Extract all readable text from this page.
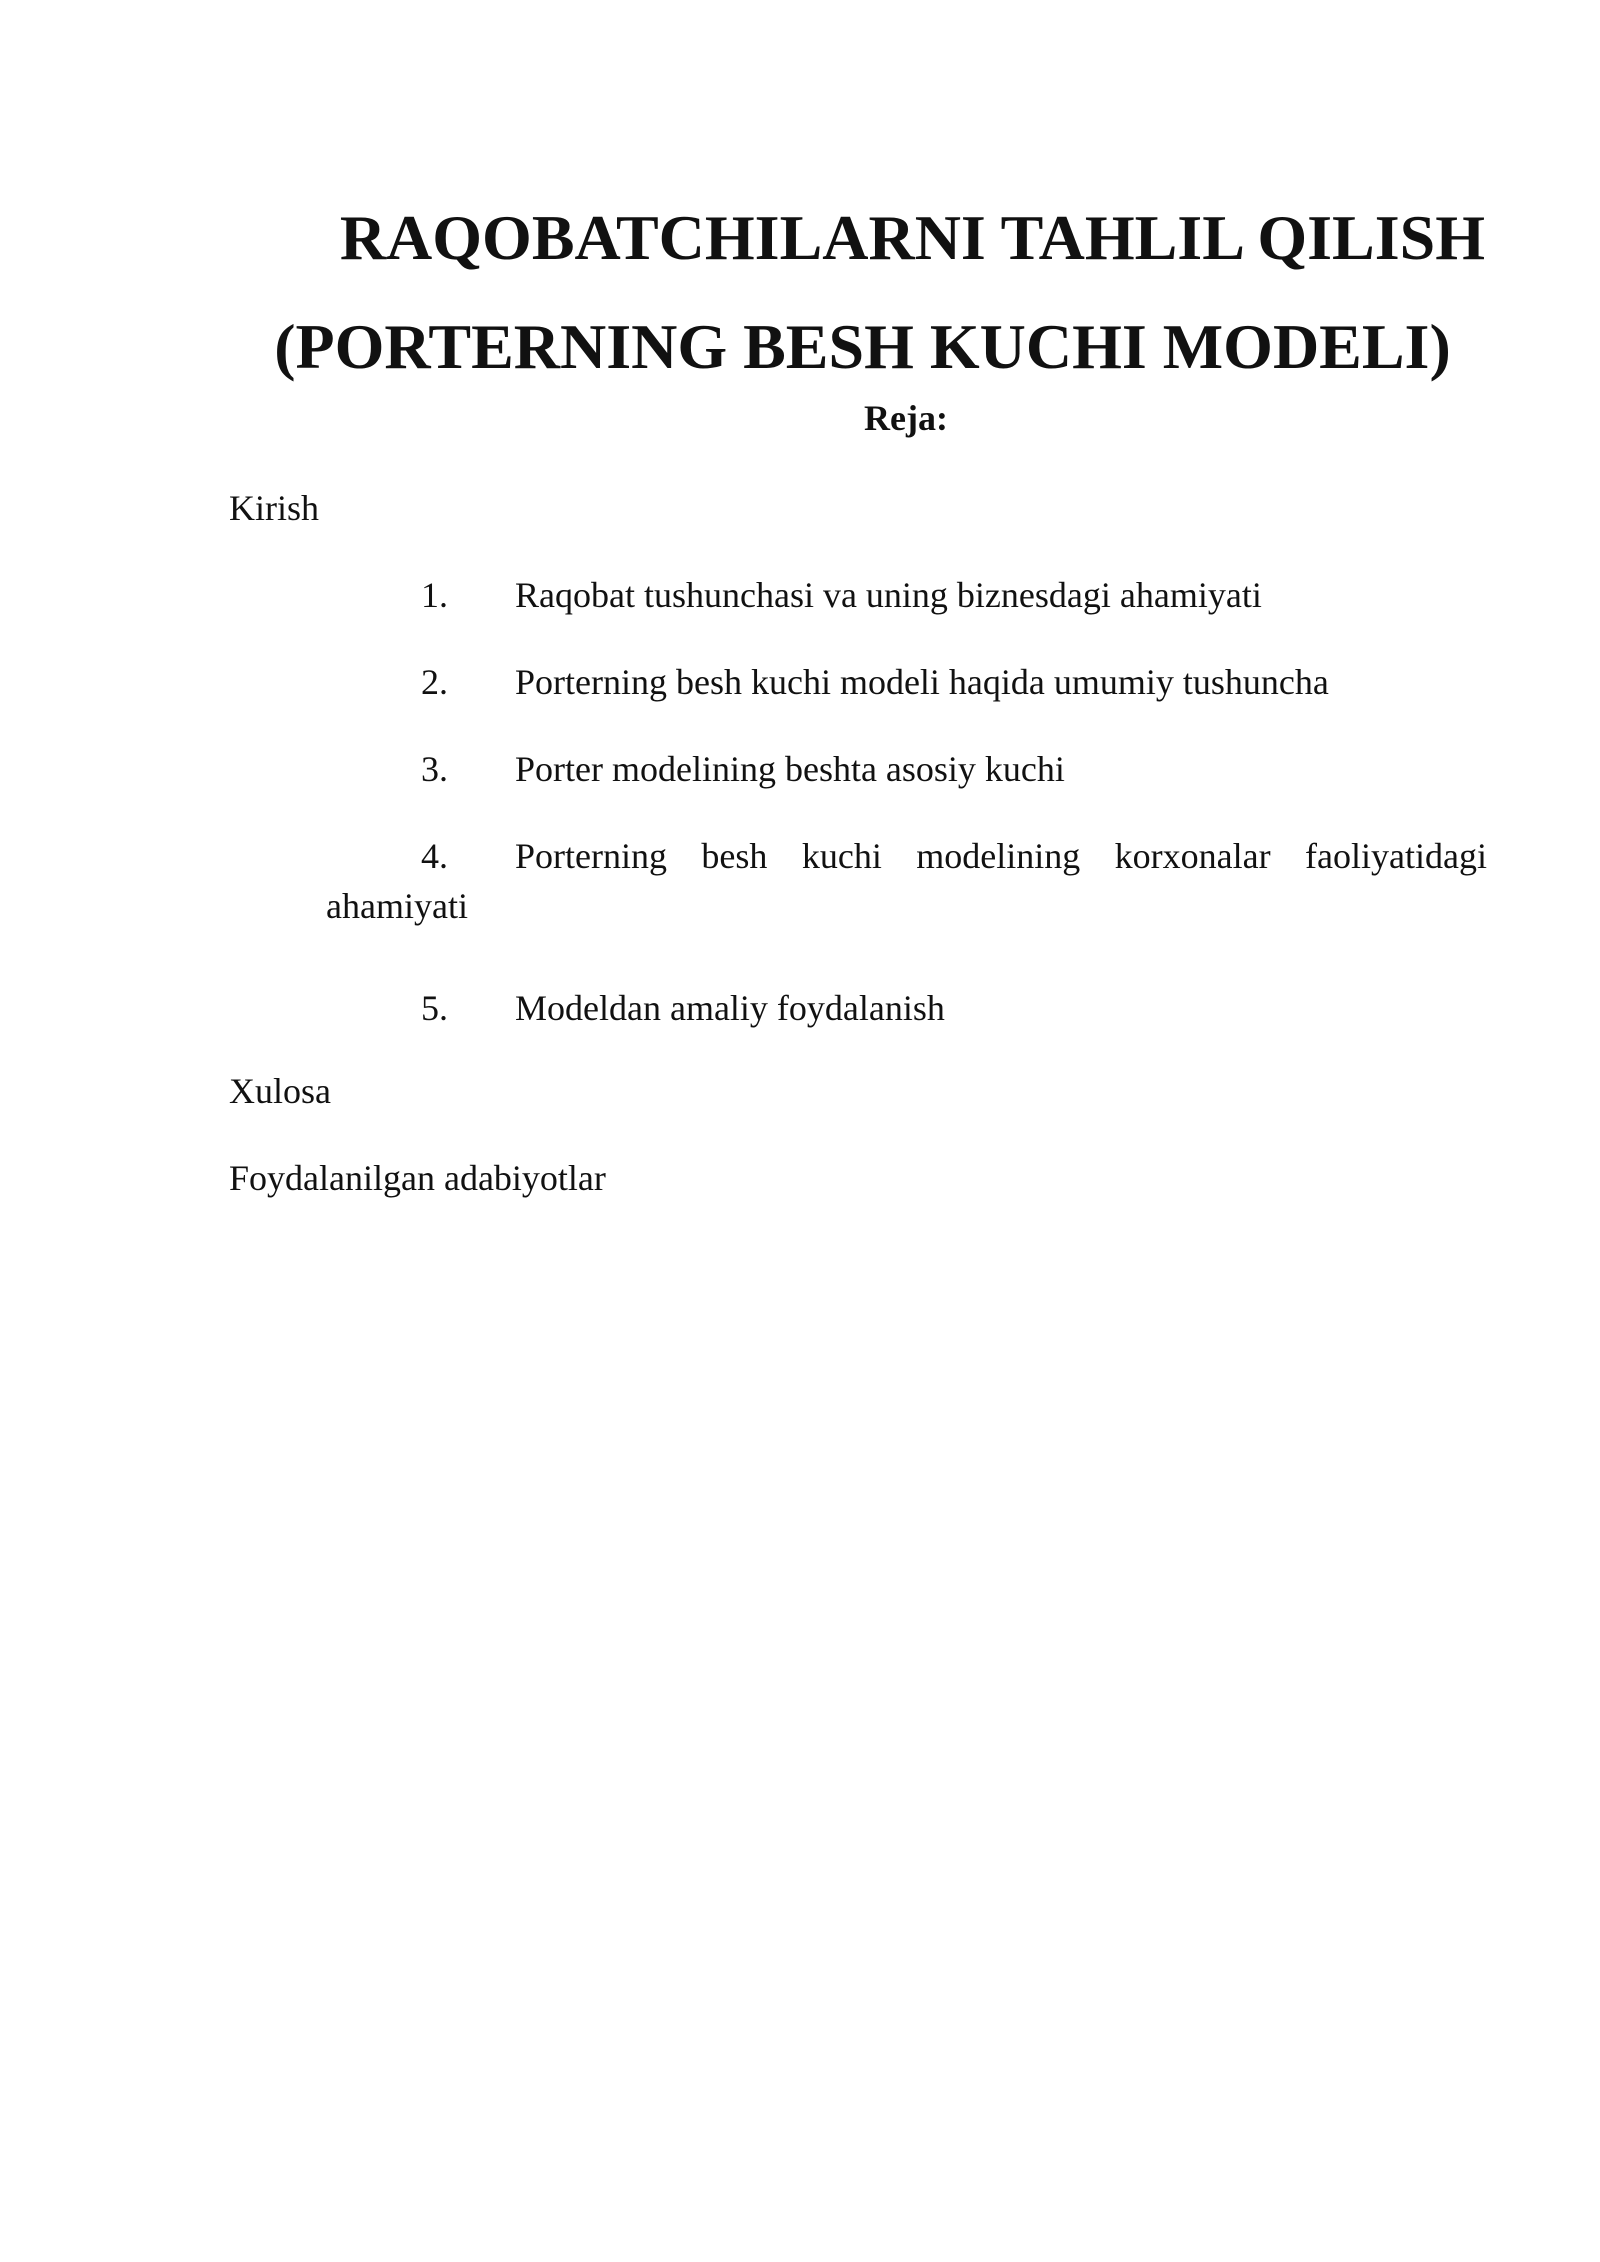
RAQOBATCHILARNI TAHLIL QILISH
(PORTERNING BESH KUCHI MODELI)
Reja:
Kirish
1. Raqobat tushunchasi va uning biznesdagi ahamiyati
2. Porterning besh kuchi modeli haqida umumiy tushuncha
3. Porter modelining beshta asosiy kuchi
4. Porterning besh kuchi modelining korxonalar faoliyatidagi
ahamiyati
5. Modeldan amaliy foydalanish
Xulosa
Foydalanilgan adabiyotlar
